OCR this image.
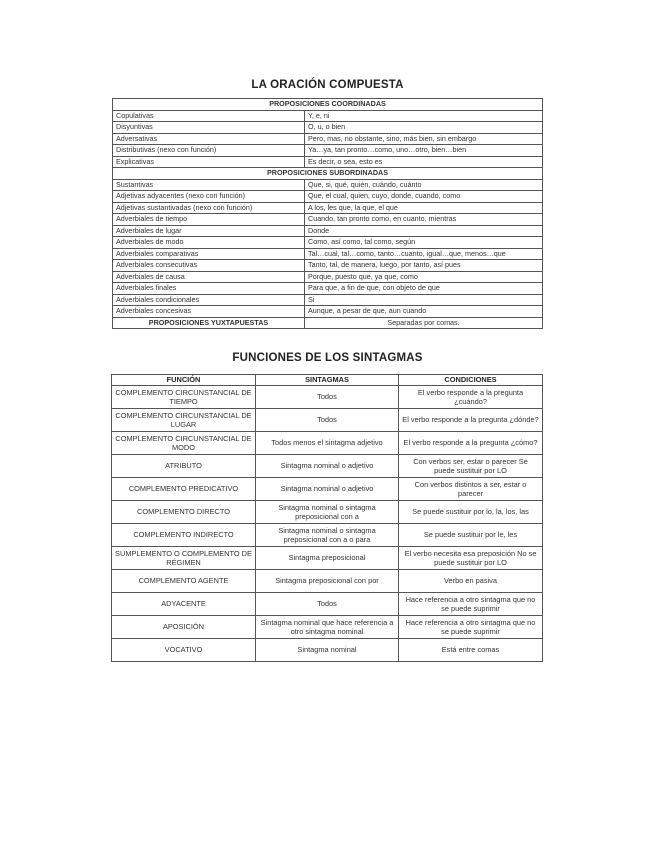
LA ORACIÓN COMPUESTA
PROPOSICIONES COORDINADAS	
Copulativas	Y, e, ni
Disyuntivas	O, u, o bien
Adversativas	Pero, mas, no obstante, sino, más bien, sin embargo
Distributivas (nexo con función)	Ya…ya, tan pronto…como, uno…otro, bien…bien
Explicativas	Es decir, o sea, esto es
PROPOSICIONES SUBORDINADAS	
Sustantivas	Que, si, qué, quién, cuándo, cuánto
Adjetivas adyacentes (nexo con función)	Que, el cual, quien, cuyo, donde, cuando, como
Adjetivas sustantivadas (nexo con función)	A los, les que, la que, el que
Adverbiales de tiempo	Cuando, tan pronto como, en cuanto, mientras
Adverbiales de lugar	Donde
Adverbiales de modo	Como, así como, tal como, según
Adverbiales comparativas	Tal…cual, tal…como, tanto…cuanto, igual…que, menos…que
Adverbiales consecutivas	Tanto, tal, de manera, luego, por tanto, así pues
Adverbiales de causa	Porque, puesto que, ya que, como
Adverbiales finales	Para que, a fin de que, con objeto de que
Adverbiales condicionales	Si
Adverbiales concesivas	Aunque, a pesar de que, aun cuando
PROPOSICIONES YUXTAPUESTAS	Separadas por comas.
FUNCIONES DE LOS SINTAGMAS
FUNCIÓN	SINTAGMAS	CONDICIONES
COMPLEMENTO CIRCUNSTANCIAL DE TIEMPO	Todos	El verbo responde a la pregunta ¿cuándo?
COMPLEMENTO CIRCUNSTANCIAL DE LUGAR	Todos	El verbo responde a la pregunta ¿dónde?
COMPLEMENTO CIRCUNSTANCIAL DE MODO	Todos menos el sintagma adjetivo	El verbo responde a la pregunta ¿cómo?
ATRIBUTO	Sintagma nominal o adjetivo	Con verbos ser, estar o parecer Se puede sustituir por LO
COMPLEMENTO PREDICATIVO	Sintagma nominal o adjetivo	Con verbos distintos a ser, estar o parecer
COMPLEMENTO DIRECTO	Sintagma nominal o sintagma preposicional con a	Se puede sustituir por lo, la, los, las
COMPLEMENTO INDIRECTO	Sintagma nominal o sintagma preposicional con a o para	Se puede sustituir por le, les
SUMPLEMENTO O COMPLEMENTO DE RÉGIMEN	Sintagma preposicional	El verbo necesita esa preposición No se puede sustituir por LO
COMPLEMENTO AGENTE	Sintagma preposicional con por	Verbo en pasiva
ADYACENTE	Todos	Hace referencia a otro sintagma que no se puede suprimir
APOSICIÓN	Sintagma nominal que hace referencia a otro sintagma nominal	Hace referencia a otro sintagma que no se puede suprimir
VOCATIVO	Sintagma nominal	Está entre comas
